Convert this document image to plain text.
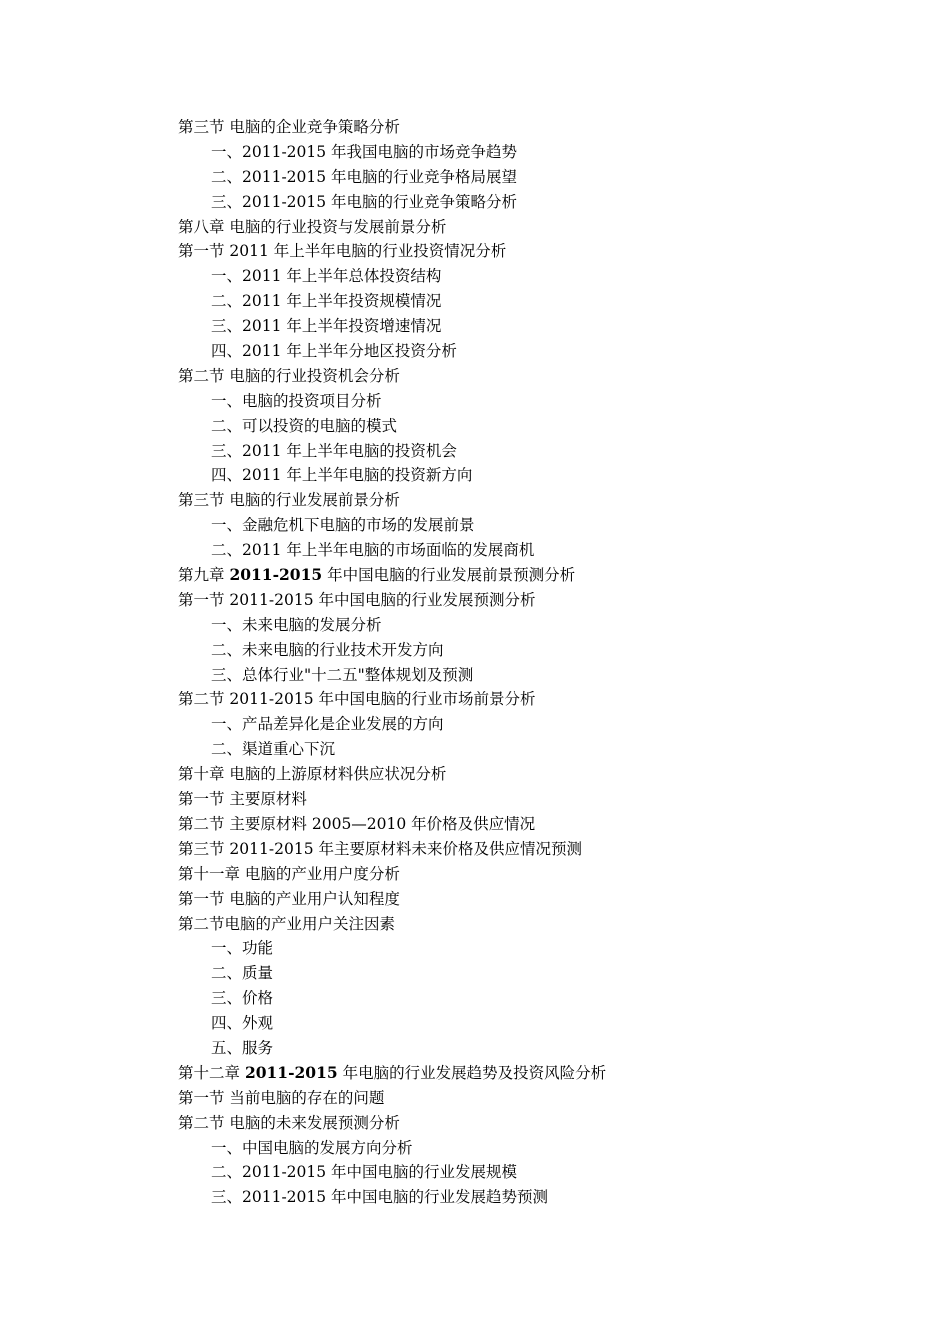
第三节 电脑的企业竞争策略分析
一、2011-2015 年我国电脑的市场竞争趋势
二、2011-2015 年电脑的行业竞争格局展望
三、2011-2015 年电脑的行业竞争策略分析
第八章 电脑的行业投资与发展前景分析
第一节 2011 年上半年电脑的行业投资情况分析
一、2011 年上半年总体投资结构
二、2011 年上半年投资规模情况
三、2011 年上半年投资增速情况
四、2011 年上半年分地区投资分析
第二节 电脑的行业投资机会分析
一、电脑的投资项目分析
二、可以投资的电脑的模式
三、2011 年上半年电脑的投资机会
四、2011 年上半年电脑的投资新方向
第三节 电脑的行业发展前景分析
一、金融危机下电脑的市场的发展前景
二、2011 年上半年电脑的市场面临的发展商机
第九章 2011-2015 年中国电脑的行业发展前景预测分析
第一节 2011-2015 年中国电脑的行业发展预测分析
一、未来电脑的发展分析
二、未来电脑的行业技术开发方向
三、总体行业"十二五"整体规划及预测
第二节 2011-2015 年中国电脑的行业市场前景分析
一、产品差异化是企业发展的方向
二、渠道重心下沉
第十章 电脑的上游原材料供应状况分析
第一节 主要原材料
第二节 主要原材料 2005—2010 年价格及供应情况
第三节 2011-2015 年主要原材料未来价格及供应情况预测
第十一章 电脑的产业用户度分析
第一节 电脑的产业用户认知程度
第二节电脑的产业用户关注因素
一、功能
二、质量
三、价格
四、外观
五、服务
第十二章 2011-2015 年电脑的行业发展趋势及投资风险分析
第一节 当前电脑的存在的问题
第二节 电脑的未来发展预测分析
一、中国电脑的发展方向分析
二、2011-2015 年中国电脑的行业发展规模
三、2011-2015 年中国电脑的行业发展趋势预测
